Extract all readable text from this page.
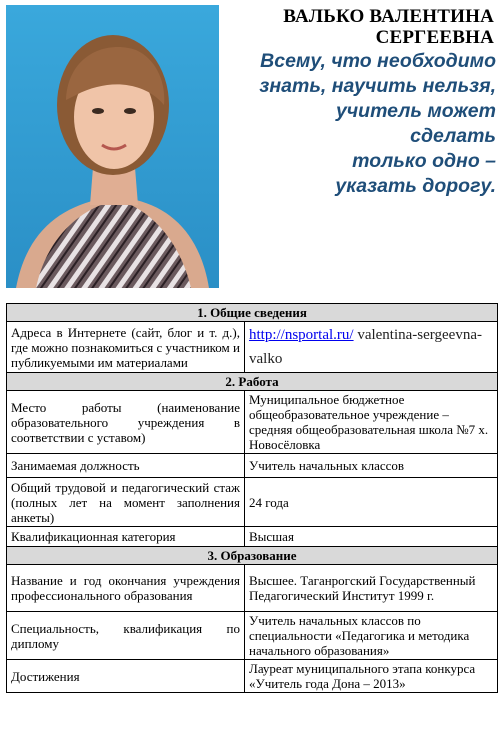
ВАЛЬКО ВАЛЕНТИНА
СЕРГЕЕВНА
Всему, что необходимо
знать, научить нельзя,
учитель может
сделать
только одно –
указать дорогу.
1. Общие сведения	
Адреса в Интернете (сайт, блог и т. д.), где можно познакомиться с участником и публикуемыми им материалами	http://nsportal.ru/ valentina-sergeevna-valko
2. Работа	
Место работы (наименование образовательного учреждения в соответствии с уставом)	Муниципальное бюджетное общеобразовательное учреждение – средняя общеобразовательная школа №7 х. Новосёловка
Занимаемая должность	Учитель начальных классов
Общий трудовой и педагогический стаж (полных лет на момент заполнения анкеты)	24 года
Квалификационная категория	Высшая
3. Образование	
Название и год окончания учреждения профессионального образования	Высшее. Таганрогский Государственный Педагогический Институт 1999 г.
Специальность, квалификация по диплому	Учитель начальных классов по специальности «Педагогика и методика начального образования»
Достижения	Лауреат муниципального этапа конкурса «Учитель года Дона – 2013»
